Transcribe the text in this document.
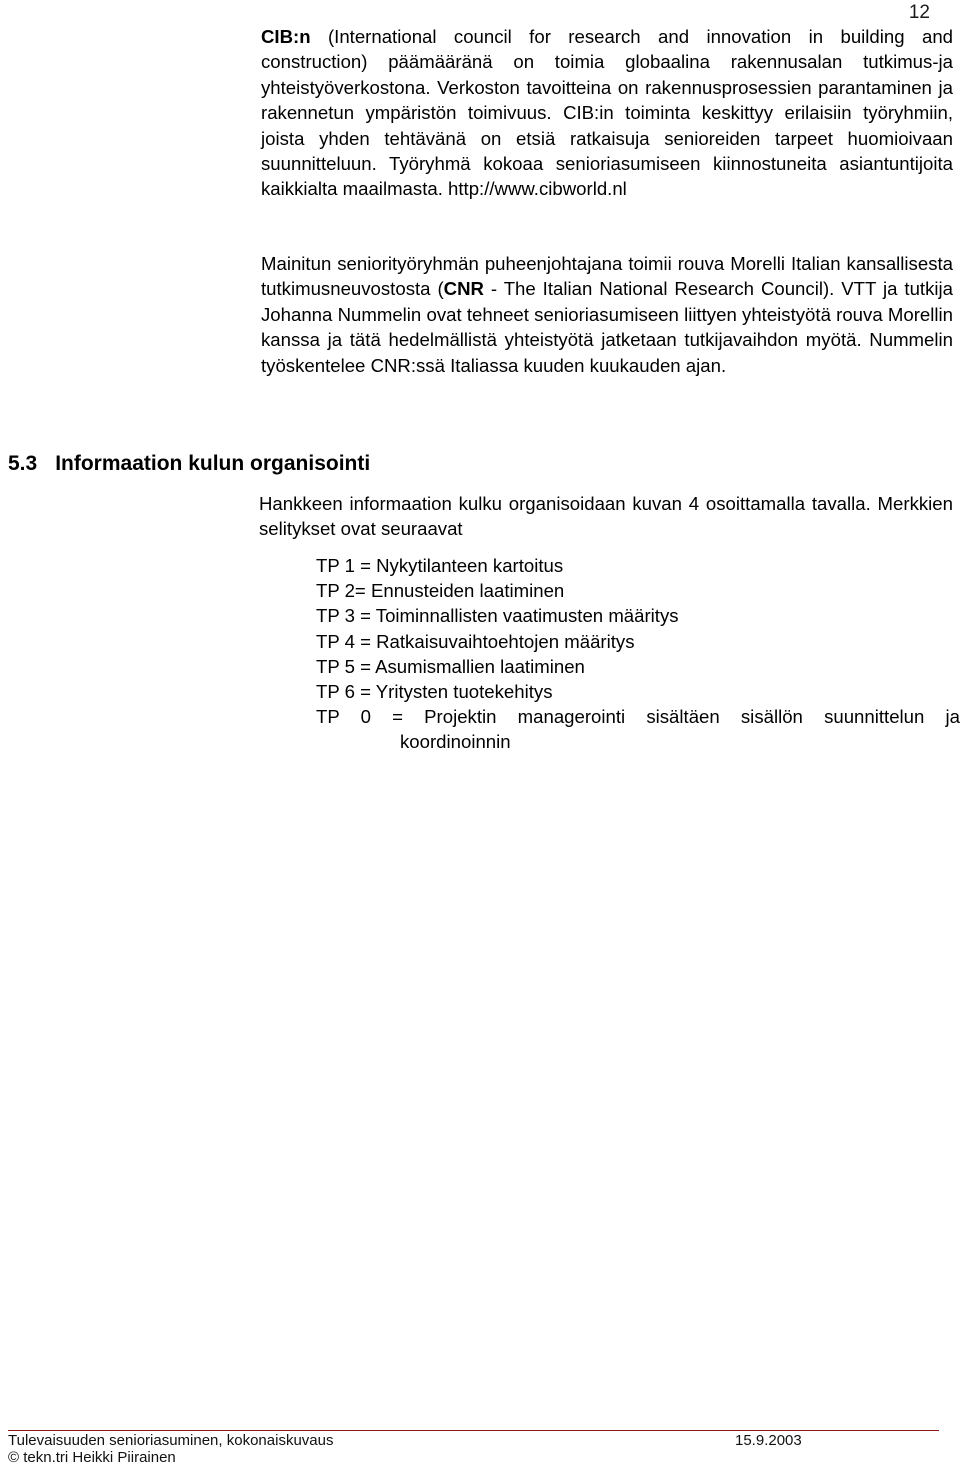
12

CIB:n (International council for research and innovation in building and construction) päämääränä on toimia globaalina rakennusalan tutkimus-ja yhteistyöverkostona. Verkoston tavoitteina on rakennusprosessien parantaminen ja rakennetun ympäristön toimivuus. CIB:in toiminta keskittyy erilaisiin työryhmiin, joista yhden tehtävänä on etsiä ratkaisuja senioreiden tarpeet huomioivaan suunnitteluun. Työryhmä kokoaa senioriasumiseen kiinnostuneita asiantuntijoita kaikkialta maailmasta. http://www.cibworld.nl

Mainitun seniorityöryhmän puheenjohtajana toimii rouva Morelli Italian kansallisesta tutkimusneuvostosta (CNR - The Italian National Research Council). VTT ja tutkija Johanna Nummelin ovat tehneet senioriasumiseen liittyen yhteistyötä rouva Morellin kanssa ja tätä hedelmällistä yhteistyötä jatketaan tutkijavaihdon myötä. Nummelin työskentelee CNR:ssä Italiassa kuuden kuukauden ajan.

5.3 Informaation kulun organisointi

Hankkeen informaation kulku organisoidaan kuvan 4 osoittamalla tavalla. Merkkien selitykset ovat seuraavat

TP 1 = Nykytilanteen kartoitus
TP 2= Ennusteiden laatiminen
TP 3 = Toiminnallisten vaatimusten määritys
TP 4 = Ratkaisuvaihtoehtojen määritys
TP 5 = Asumismallien laatiminen
TP 6 = Yritysten tuotekehitys
TP 0 = Projektin managerointi sisältäen sisällön suunnittelun ja
koordinoinnin
Tulevaisuuden senioriasuminen, kokonaiskuvaus	15.9.2003
© tekn.tri Heikki Piirainen
